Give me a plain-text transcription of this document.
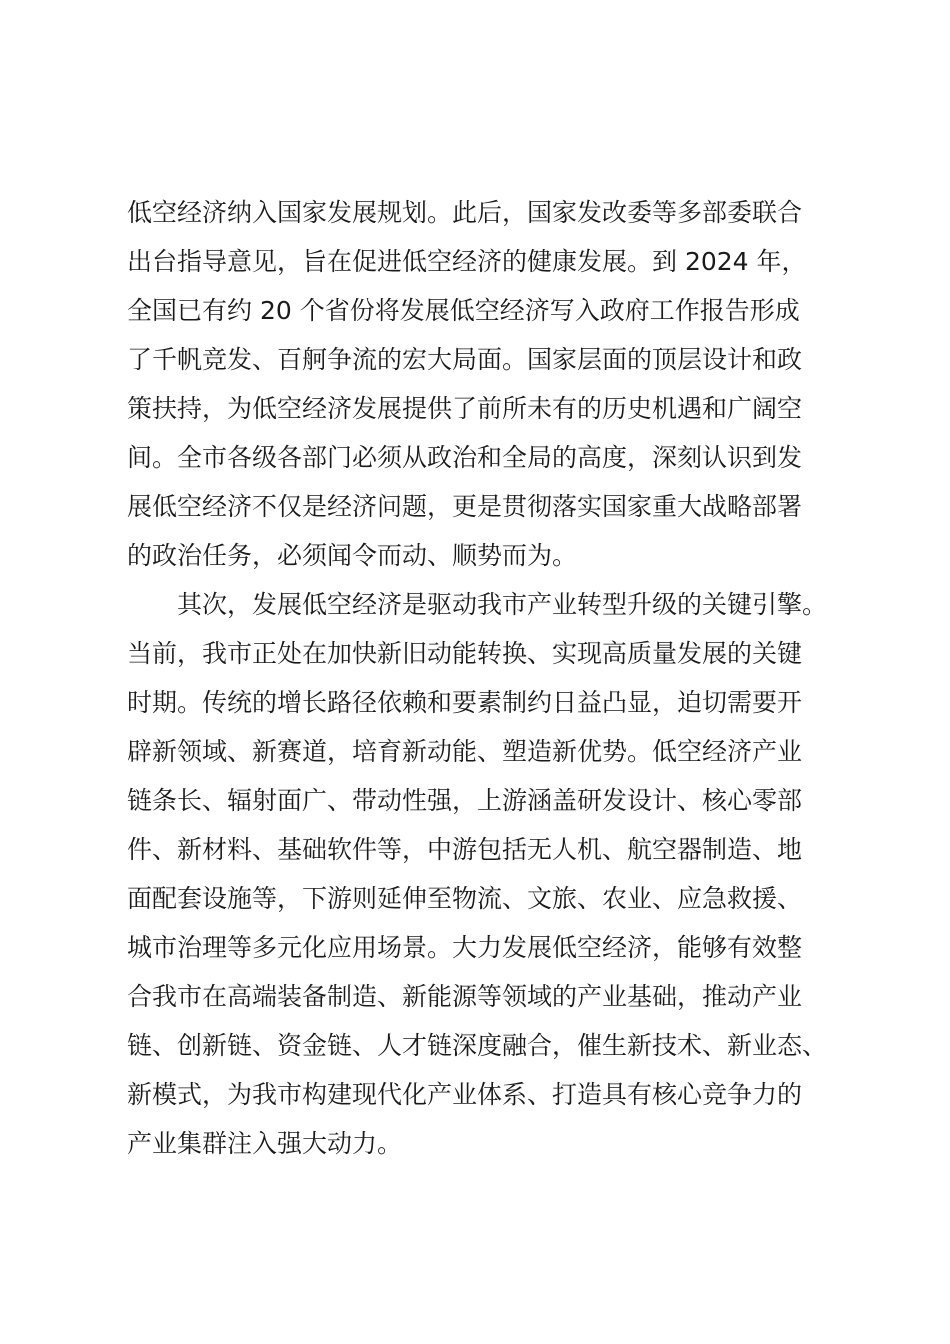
低空经济纳入国家发展规划。此后，国家发改委等多部委联合

出台指导意见，旨在促进低空经济的健康发展。到 2024 年，

全国已有约 20 个省份将发展低空经济写入政府工作报告形成

了千帆竞发、百舸争流的宏大局面。国家层面的顶层设计和政

策扶持，为低空经济发展提供了前所未有的历史机遇和广阔空

间。全市各级各部门必须从政治和全局的高度，深刻认识到发

展低空经济不仅是经济问题，更是贯彻落实国家重大战略部署

的政治任务，必须闻令而动、顺势而为。

　　其次，发展低空经济是驱动我市产业转型升级的关键引擎。

当前，我市正处在加快新旧动能转换、实现高质量发展的关键

时期。传统的增长路径依赖和要素制约日益凸显，迫切需要开

辟新领域、新赛道，培育新动能、塑造新优势。低空经济产业

链条长、辐射面广、带动性强，上游涵盖研发设计、核心零部

件、新材料、基础软件等，中游包括无人机、航空器制造、地

面配套设施等，下游则延伸至物流、文旅、农业、应急救援、

城市治理等多元化应用场景。大力发展低空经济，能够有效整

合我市在高端装备制造、新能源等领域的产业基础，推动产业

链、创新链、资金链、人才链深度融合，催生新技术、新业态、

新模式，为我市构建现代化产业体系、打造具有核心竞争力的

产业集群注入强大动力。
